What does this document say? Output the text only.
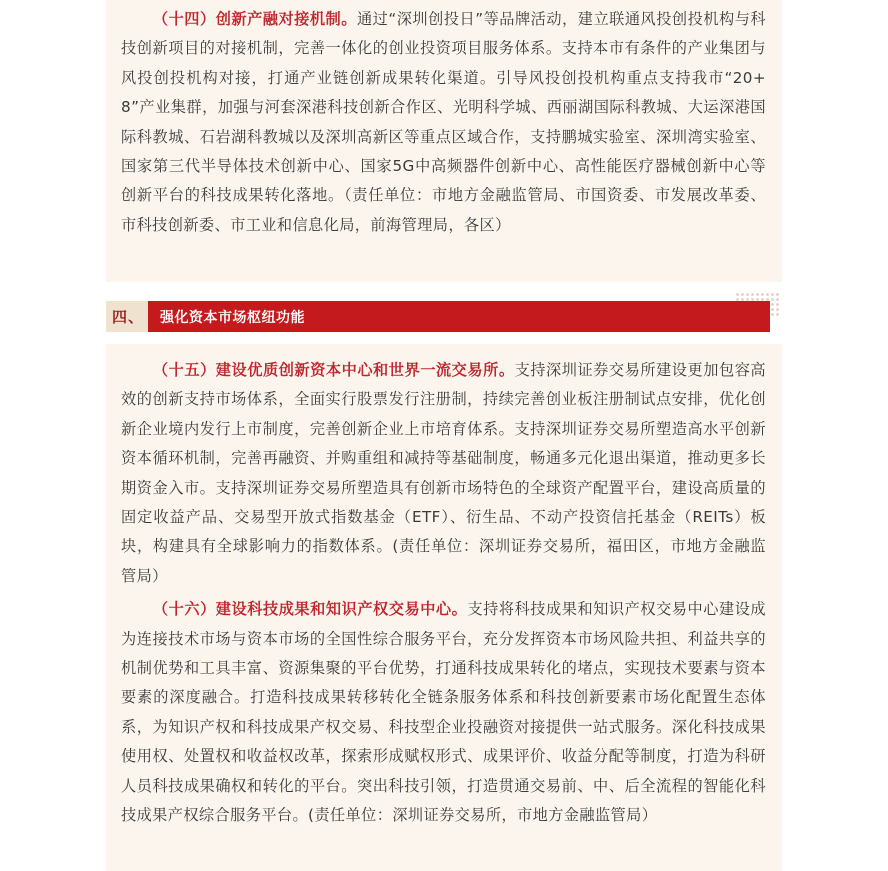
（十四）创新产融对接机制。通过“深圳创投日”等品牌活动，建立联通风投创投机构与科技创新项目的对接机制，完善一体化的创业投资项目服务体系。支持本市有条件的产业集团与风投创投机构对接，打通产业链创新成果转化渠道。引导风投创投机构重点支持我市“20+8”产业集群，加强与河套深港科技创新合作区、光明科学城、西丽湖国际科教城、大运深港国际科教城、石岩湖科教城以及深圳高新区等重点区域合作，支持鹏城实验室、深圳湾实验室、国家第三代半导体技术创新中心、国家5G中高频器件创新中心、高性能医疗器械创新中心等创新平台的科技成果转化落地。（责任单位：市地方金融监管局、市国资委、市发展改革委、市科技创新委、市工业和信息化局，前海管理局，各区）

四、	强化资本市场枢纽功能

（十五）建设优质创新资本中心和世界一流交易所。支持深圳证券交易所建设更加包容高效的创新支持市场体系，全面实行股票发行注册制，持续完善创业板注册制试点安排，优化创新企业境内发行上市制度，完善创新企业上市培育体系。支持深圳证券交易所塑造高水平创新资本循环机制，完善再融资、并购重组和减持等基础制度，畅通多元化退出渠道，推动更多长期资金入市。支持深圳证券交易所塑造具有创新市场特色的全球资产配置平台，建设高质量的固定收益产品、交易型开放式指数基金（ETF）、衍生品、不动产投资信托基金（REITs）板块，构建具有全球影响力的指数体系。(责任单位：深圳证券交易所，福田区，市地方金融监管局）

（十六）建设科技成果和知识产权交易中心。支持将科技成果和知识产权交易中心建设成为连接技术市场与资本市场的全国性综合服务平台，充分发挥资本市场风险共担、利益共享的机制优势和工具丰富、资源集聚的平台优势，打通科技成果转化的堵点，实现技术要素与资本要素的深度融合。打造科技成果转移转化全链条服务体系和科技创新要素市场化配置生态体系，为知识产权和科技成果产权交易、科技型企业投融资对接提供一站式服务。深化科技成果使用权、处置权和收益权改革，探索形成赋权形式、成果评价、收益分配等制度，打造为科研人员科技成果确权和转化的平台。突出科技引领，打造贯通交易前、中、后全流程的智能化科技成果产权综合服务平台。(责任单位：深圳证券交易所，市地方金融监管局）
